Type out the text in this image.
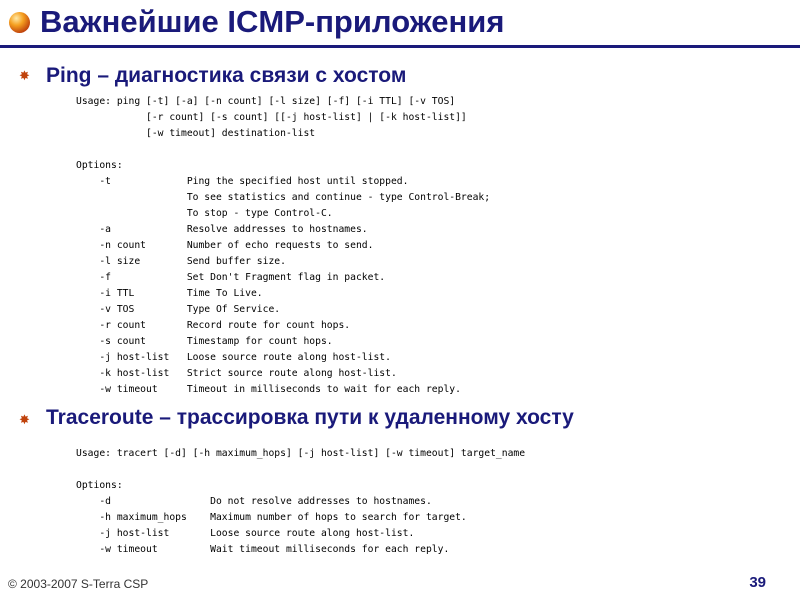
Важнейшие ICMP-приложения
✸ Ping – диагностика связи с хостом
Usage: ping [-t] [-a] [-n count] [-l size] [-f] [-i TTL] [-v TOS]
[-r count] [-s count] [[-j host-list] | [-k host-list]]
[-w timeout] destination-list

Options:
-t             Ping the specified host until stopped.
To see statistics and continue - type Control-Break;
To stop - type Control-C.
-a             Resolve addresses to hostnames.
-n count       Number of echo requests to send.
-l size        Send buffer size.
-f             Set Don't Fragment flag in packet.
-i TTL         Time To Live.
-v TOS         Type Of Service.
-r count       Record route for count hops.
-s count       Timestamp for count hops.
-j host-list   Loose source route along host-list.
-k host-list   Strict source route along host-list.
-w timeout     Timeout in milliseconds to wait for each reply.
✸ Traceroute – трассировка пути к удаленному хосту
Usage: tracert [-d] [-h maximum_hops] [-j host-list] [-w timeout] target_name

Options:
-d                 Do not resolve addresses to hostnames.
-h maximum_hops    Maximum number of hops to search for target.
-j host-list       Loose source route along host-list.
-w timeout         Wait timeout milliseconds for each reply.
© 2003-2007 S-Terra CSP	39
